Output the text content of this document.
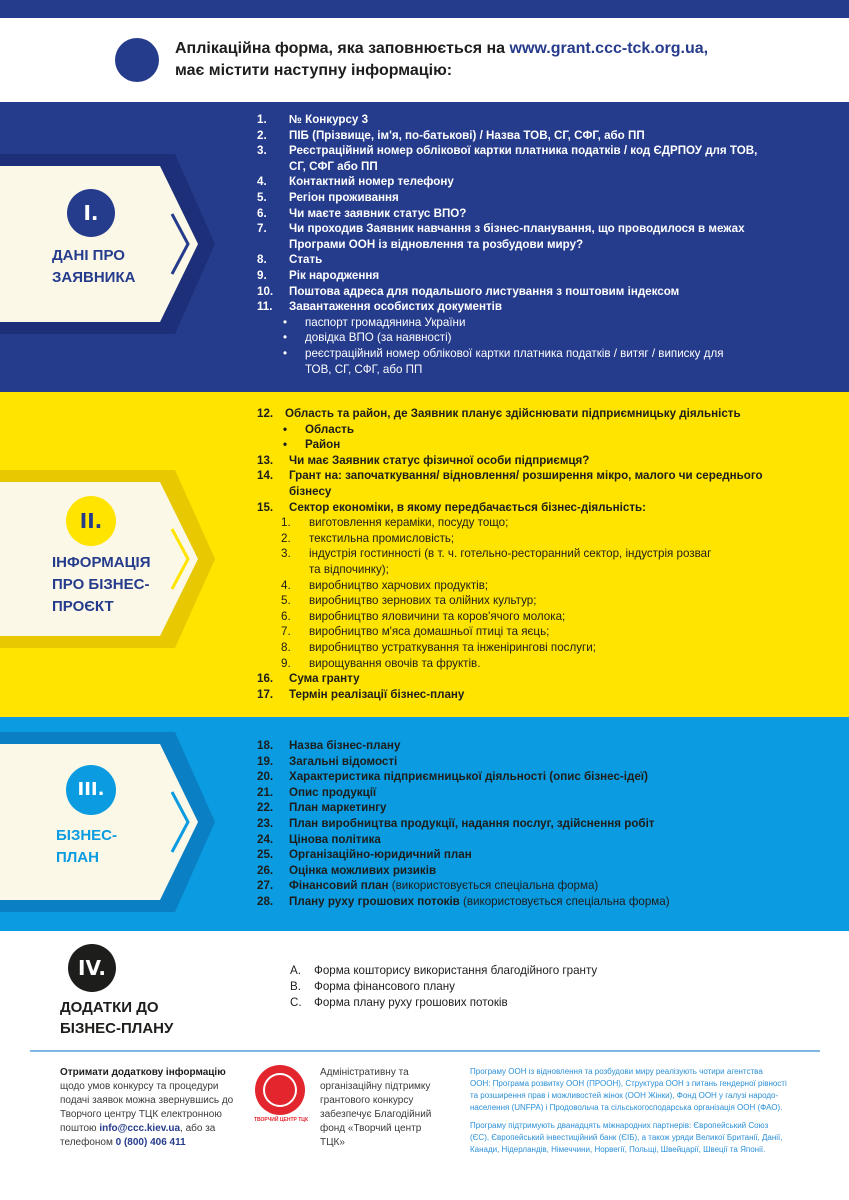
Аплікаційна форма, яка заповнюється на www.grant.ccc-tck.org.ua,
має містити наступну інформацію:
I.
ДАНІ ПРО
ЗАЯВНИКА
1.	№ Конкурсу 3
2.	ПІБ (Прізвище, ім'я, по-батькові) / Назва ТОВ, СГ, СФГ, або ПП
3.	Реєстраційний номер облікової картки платника податків / код ЄДРПОУ для ТОВ,
СГ, СФГ або ПП
4.	Контактний номер телефону
5.	Регіон проживання
6.	Чи маєте заявник статус ВПО?
7.	Чи проходив Заявник навчання з бізнес-планування, що проводилося в межах
Програми ООН із відновлення та розбудови миру?
8.	Стать
9.	Рік народження
10.	Поштова адреса для подальшого листування з поштовим індексом
11.	Завантаження особистих документів
• паспорт громадянина України
• довідка ВПО (за наявності)
• реєстраційний номер облікової картки платника податків / витяг / виписку для
ТОВ, СГ, СФГ, або ПП
II.
ІНФОРМАЦІЯ
ПРО БІЗНЕС-
ПРОЄКТ
12.	Область та район, де Заявник планує здійснювати підприємницьку діяльність
• Область
• Район
13.	Чи має Заявник статус фізичної особи підприємця?
14.	Грант на: започаткування/ відновлення/ розширення мікро, малого чи середнього
бізнесу
15.	Сектор економіки, в якому передбачається бізнес-діяльність:
1. виготовлення кераміки, посуду тощо;
2. текстильна промисловість;
3. індустрія гостинності (в т. ч. готельно-ресторанний сектор, індустрія розваг
та відпочинку);
4. виробництво харчових продуктів;
5. виробництво зернових та олійних культур;
6. виробництво яловичини та коров'ячого молока;
7. виробництво м'яса домашньої птиці та яєць;
8. виробництво устраткування та інженірингові послуги;
9. вирощування овочів та фруктів.
16.	Сума гранту
17.	Термін реалізації бізнес-плану
III.
БІЗНЕС-
ПЛАН
18.	Назва бізнес-плану
19.	Загальні відомості
20.	Характеристика підприємницької діяльності (опис бізнес-ідеї)
21.	Опис продукції
22.	План маркетингу
23.	План виробництва продукції, надання послуг, здійснення робіт
24.	Цінова політика
25.	Організаційно-юридичний план
26.	Оцінка можливих ризиків
27.	Фінансовий план (використовується спеціальна форма)
28.	Плану руху грошових потоків (використовується спеціальна форма)
IV.
ДОДАТКИ ДО
БІЗНЕС-ПЛАНУ
A. Форма кошторису використання благодійного гранту
B. Форма фінансового плану
C. Форма плану руху грошових потоків
Отримати додаткову інформацію
щодо умов конкурсу та процедури
подачі заявок можна звернувшись до
Творчого центру ТЦК електронною
поштою info@ccc.kiev.ua, або за
телефоном 0 (800) 406 411
ТВОРЧИЙ ЦЕНТР ТЦК
Адміністративну та
організаційну підтримку
грантового конкурсу
забезпечує Благодійний
фонд «Творчий центр
ТЦК»
Програму ООН із відновлення та розбудови миру реалізують чотири агентства
ООН: Програма розвитку ООН (ПРООН), Структура ООН з питань гендерної рівності
та розширення прав і можливостей жінок (ООН Жінки), Фонд ООН у галузі народо-
населення (UNFPA) і Продовольча та сільськогосподарська організація ООН (ФАО).
Програму підтримують дванадцять міжнародних партнерів: Європейський Союз
(ЄС), Європейський інвестиційний банк (ЄІБ), а також уряди Великої Британії, Данії,
Канади, Нідерландів, Німеччини, Норвегії, Польщі, Швейцарії, Швеції та Японії.
